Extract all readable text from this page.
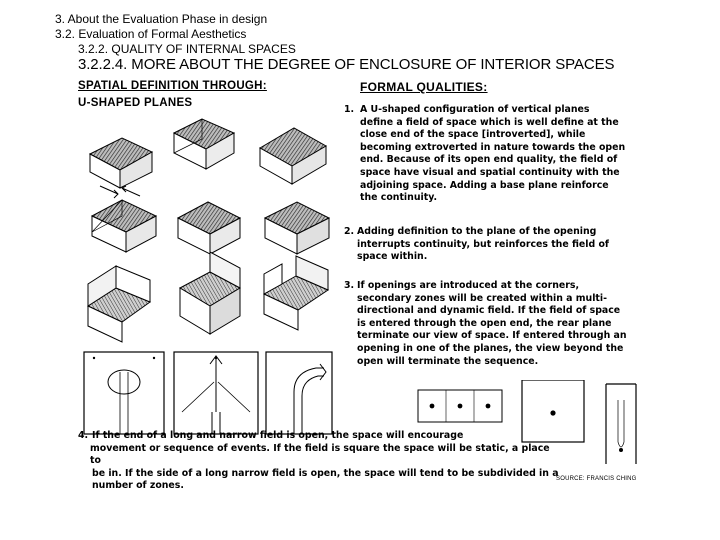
3. About the Evaluation Phase in design
3.2. Evaluation of Formal Aesthetics
3.2.2. QUALITY OF INTERNAL SPACES
3.2.2.4. MORE ABOUT THE DEGREE OF ENCLOSURE OF INTERIOR SPACES
SPATIAL DEFINITION THROUGH:
U-SHAPED PLANES
FORMAL QUALITIES:
1. A U-shaped configuration of vertical planes
define a field of space which is well define at the
close end of the space [introverted], while
becoming extroverted in nature towards the open
end. Because of its open end quality, the field of
space have visual and spatial continuity with the
adjoining space. Adding a base plane reinforce
the continuity.
2. Adding definition to the plane of the opening
interrupts continuity, but reinforces the field of
space within.
3. If openings are introduced at the corners,
secondary zones will be created within a multi-
directional and dynamic field. If the field of space
is entered through the open end, the rear plane
terminate our view of space. If entered through an
opening in one of the planes, the view beyond the
open will terminate the sequence.
4. If the end of a long and narrow field is open, the space will encourage
movement or sequence of events. If the field is square the space will be static, a place to
be in. If the side of a long narrow field is open, the space will tend to be subdivided in a
number of zones.
SOURCE: FRANCIS CHING
